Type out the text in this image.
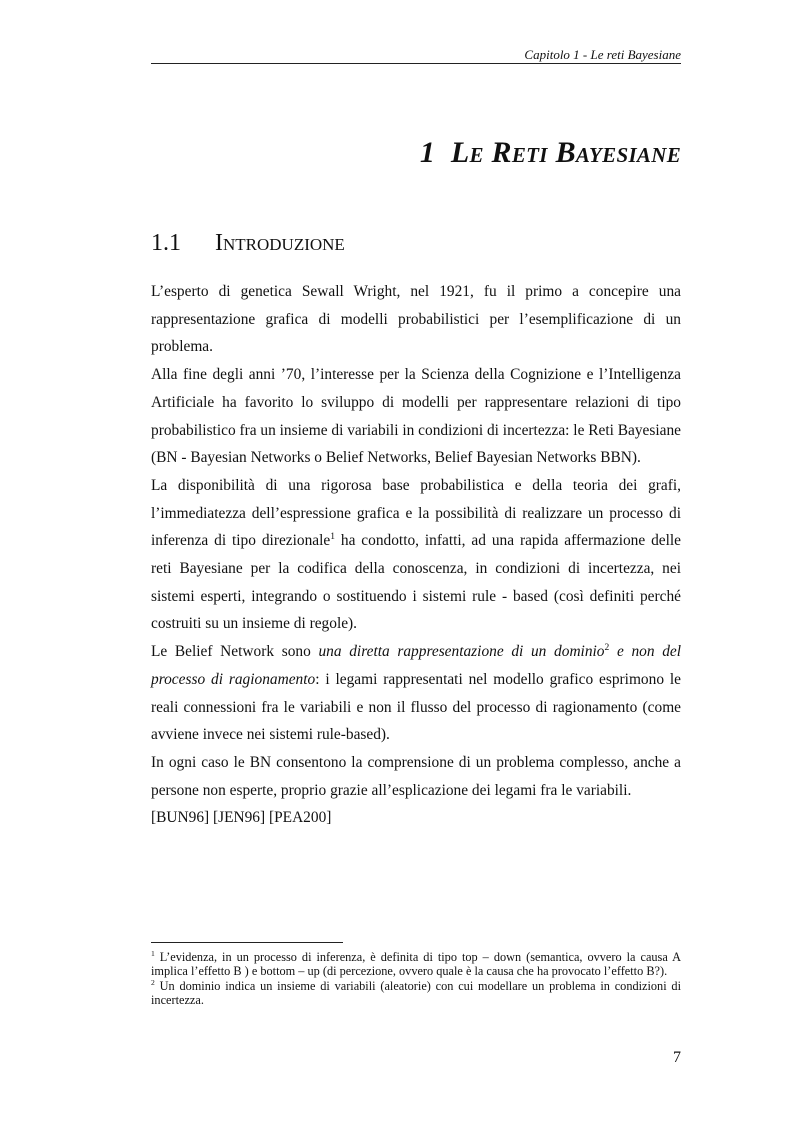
Capitolo 1 - Le reti Bayesiane
1 Le Reti Bayesiane
1.1 Introduzione

L’esperto di genetica Sewall Wright, nel 1921, fu il primo a concepire una rappresentazione grafica di modelli probabilistici per l’esemplificazione di un problema.

Alla fine degli anni ’70, l’interesse per la Scienza della Cognizione e l’Intelligenza Artificiale ha favorito lo sviluppo di modelli per rappresentare relazioni di tipo probabilistico fra un insieme di variabili in condizioni di incertezza: le Reti Bayesiane (BN - Bayesian Networks o Belief Networks, Belief Bayesian Networks BBN).

La disponibilità di una rigorosa base probabilistica e della teoria dei grafi, l’immediatezza dell’espressione grafica e la possibilità di realizzare un processo di inferenza di tipo direzionale$^1$ ha condotto, infatti, ad una rapida affermazione delle reti Bayesiane per la codifica della conoscenza, in condizioni di incertezza, nei sistemi esperti, integrando o sostituendo i sistemi rule - based (così definiti perché costruiti su un insieme di regole).

Le Belief Network sono una diretta rappresentazione di un dominio$^2$ e non del processo di ragionamento: i legami rappresentati nel modello grafico esprimono le reali connessioni fra le variabili e non il flusso del processo di ragionamento (come avviene invece nei sistemi rule-based).

In ogni caso le BN consentono la comprensione di un problema complesso, anche a persone non esperte, proprio grazie all’esplicazione dei legami fra le variabili.

[BUN96] [JEN96] [PEA200]

$^1$ L’evidenza, in un processo di inferenza, è definita di tipo top – down (semantica, ovvero la causa A implica l’effetto B ) e bottom – up (di percezione, ovvero quale è la causa che ha provocato l’effetto B?).

$^2$ Un dominio indica un insieme di variabili (aleatorie) con cui modellare un problema in condizioni di incertezza.

7
